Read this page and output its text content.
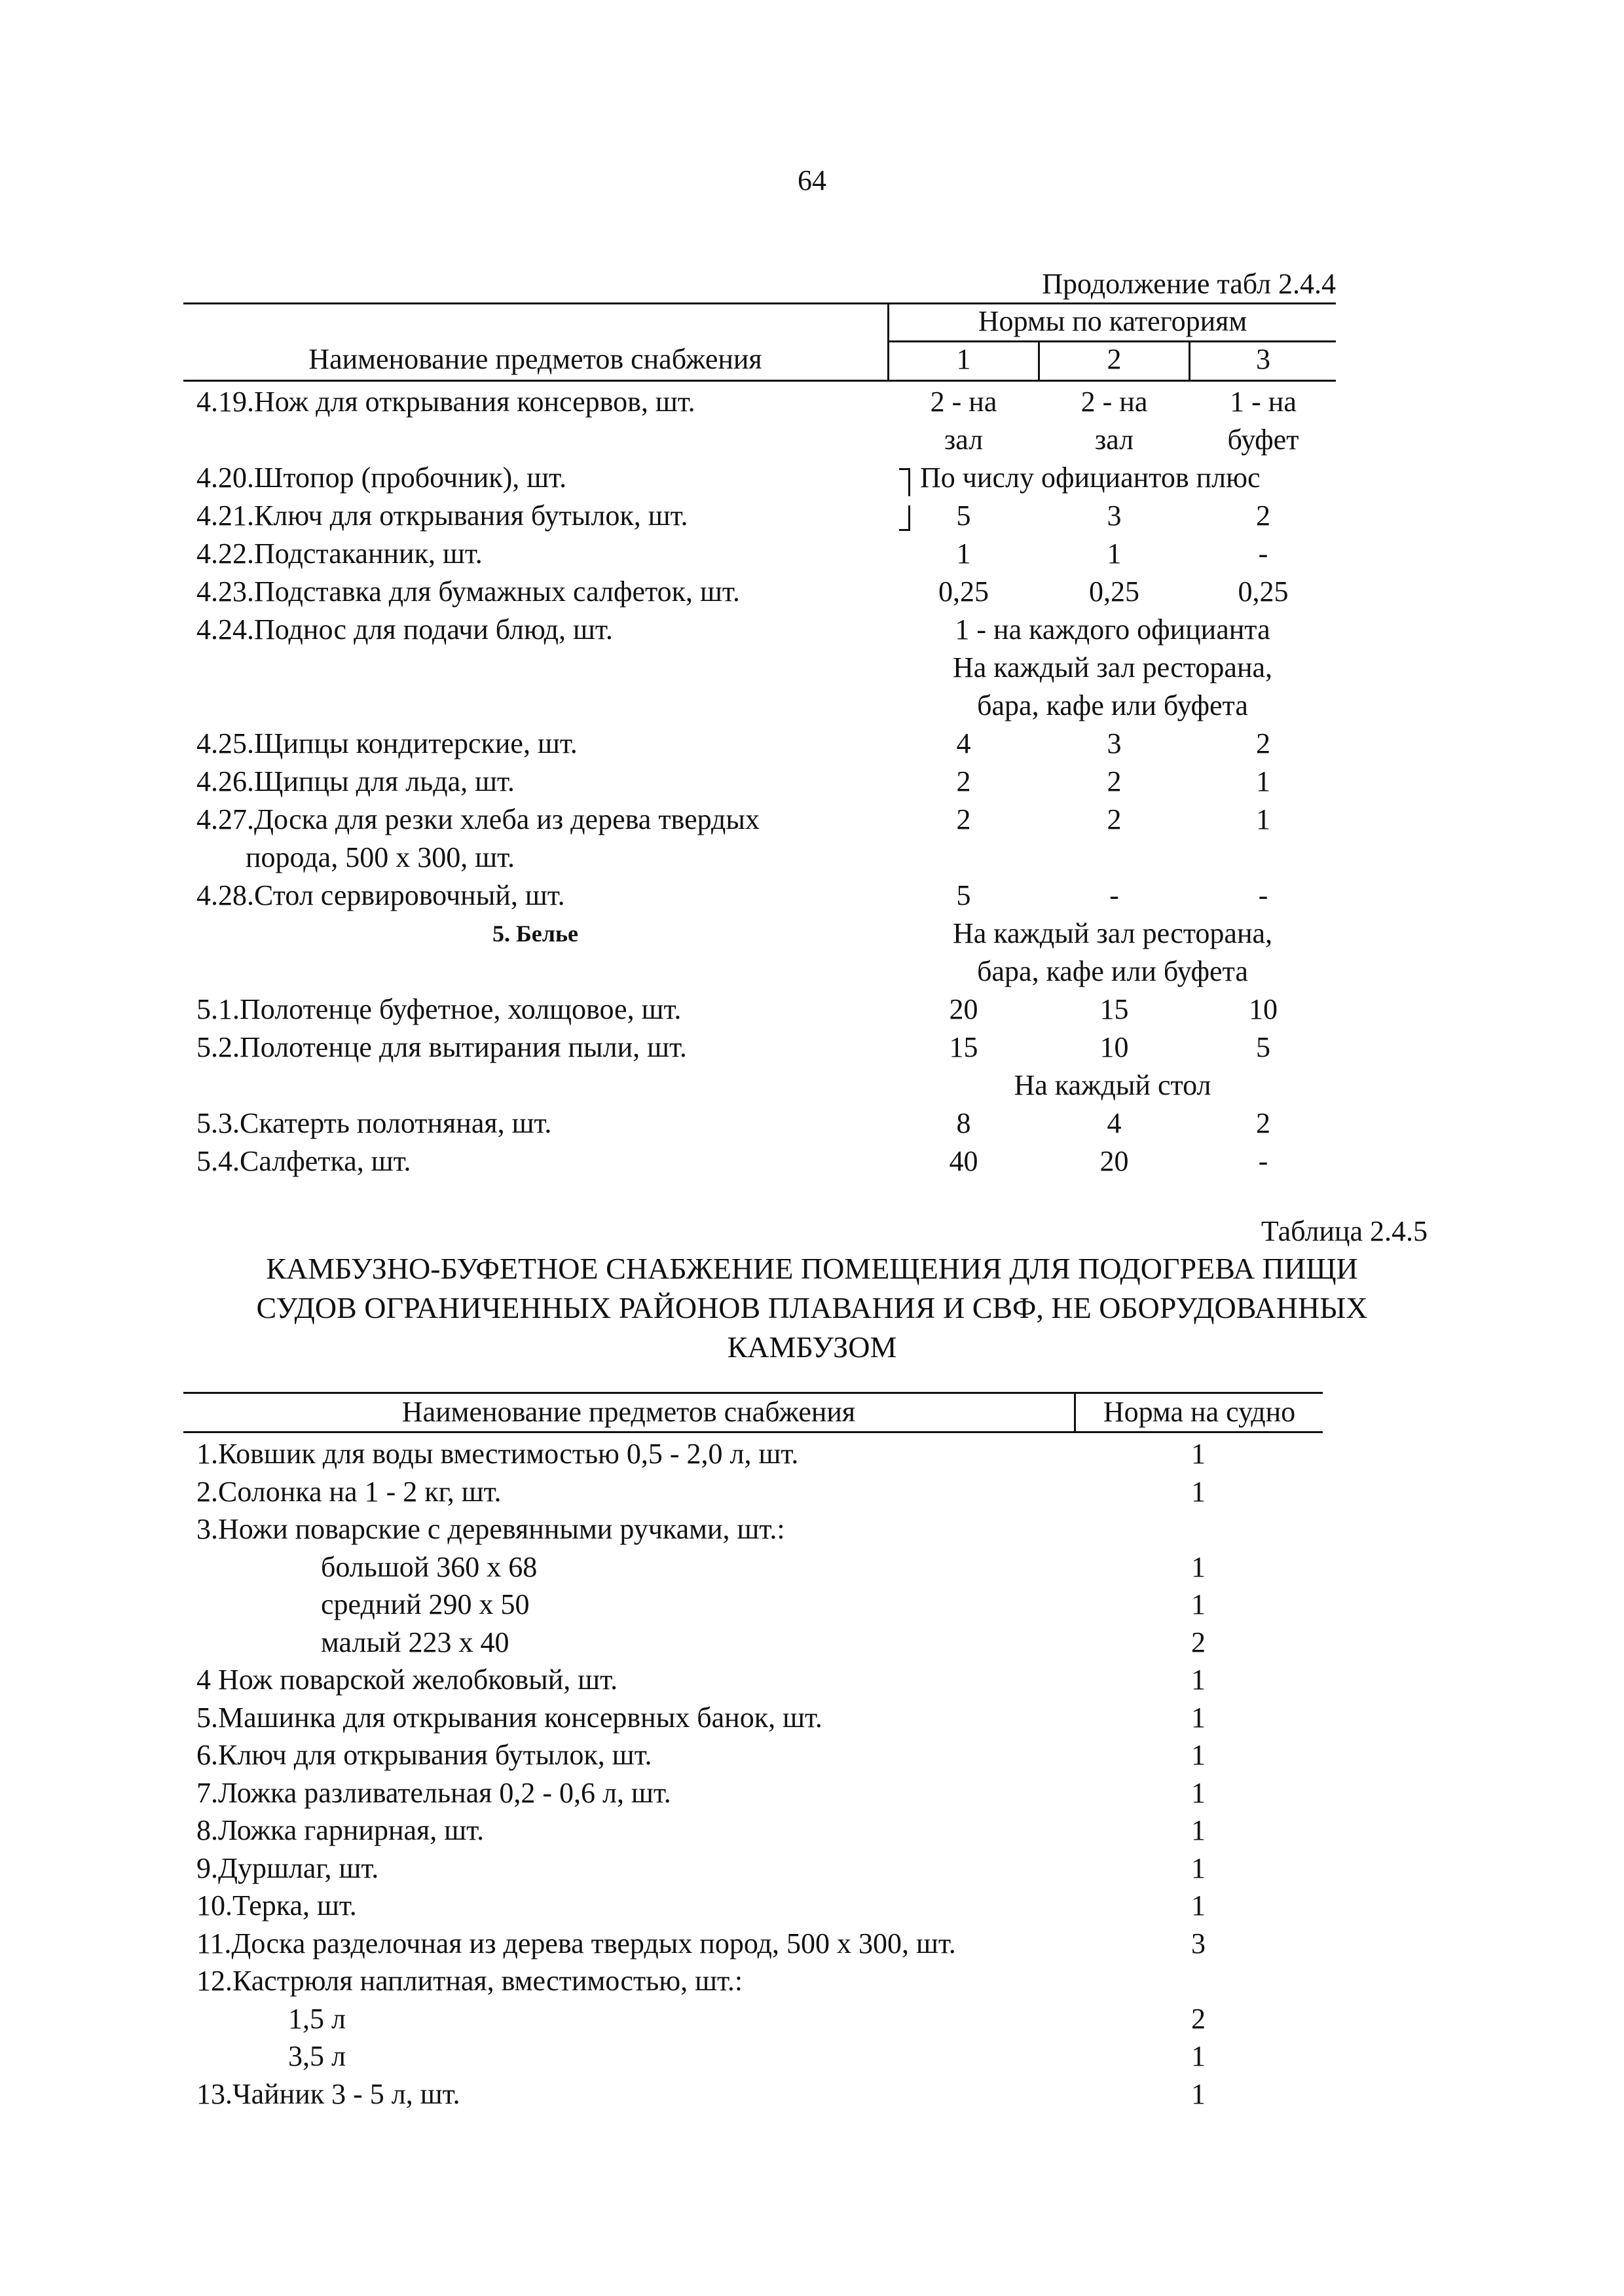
64
Продолжение табл 2.4.4
Нормы по категориям
Наименование предметов снабжения	1	2	3
4.19.Нож для открывания консервов, шт.	2 - на	2 - на	1 - на
зал	зал	буфет
4.20.Штопор (пробочник), шт.	По числу официантов плюс
4.21.Ключ для открывания бутылок, шт.	5	3	2
4.22.Подстаканник, шт.	1	1	-
4.23.Подставка для бумажных салфеток, шт.	0,25	0,25	0,25
4.24.Поднос для подачи блюд, шт.	1 - на каждого официанта
На каждый зал ресторана,
бара, кафе или буфета
4.25.Щипцы кондитерские, шт.	4	3	2
4.26.Щипцы для льда, шт.	2	2	1
4.27.Доска для резки хлеба из дерева твердых	2	2	1
порода, 500 х 300, шт.
4.28.Стол сервировочный, шт.	5	-	-
5. Белье	На каждый зал ресторана,
бара, кафе или буфета
5.1.Полотенце буфетное, холщовое, шт.	20	15	10
5.2.Полотенце для вытирания пыли, шт.	15	10	5
На каждый стол
5.3.Скатерть полотняная, шт.	8	4	2
5.4.Салфетка, шт.	40	20	-
Таблица 2.4.5
КАМБУЗНО-БУФЕТНОЕ СНАБЖЕНИЕ ПОМЕЩЕНИЯ ДЛЯ ПОДОГРЕВА ПИЩИ
СУДОВ ОГРАНИЧЕННЫХ РАЙОНОВ ПЛАВАНИЯ И СВФ, НЕ ОБОРУДОВАННЫХ
КАМБУЗОМ
Наименование предметов снабжения	Норма на судно
1.Ковшик для воды вместимостью 0,5 - 2,0 л, шт.	1
2.Солонка на 1 - 2 кг, шт.	1
3.Ножи поварские с деревянными ручками, шт.:
большой 360 х 68	1
средний 290 х 50	1
малый 223 х 40	2
4 Нож поварской желобковый, шт.	1
5.Машинка для открывания консервных банок, шт.	1
6.Ключ для открывания бутылок, шт.	1
7.Ложка разливательная 0,2 - 0,6 л, шт.	1
8.Ложка гарнирная, шт.	1
9.Дуршлаг, шт.	1
10.Терка, шт.	1
11.Доска разделочная из дерева твердых пород, 500 х 300, шт.	3
12.Кастрюля наплитная, вместимостью, шт.:
1,5 л	2
3,5 л	1
13.Чайник 3 - 5 л, шт.	1
